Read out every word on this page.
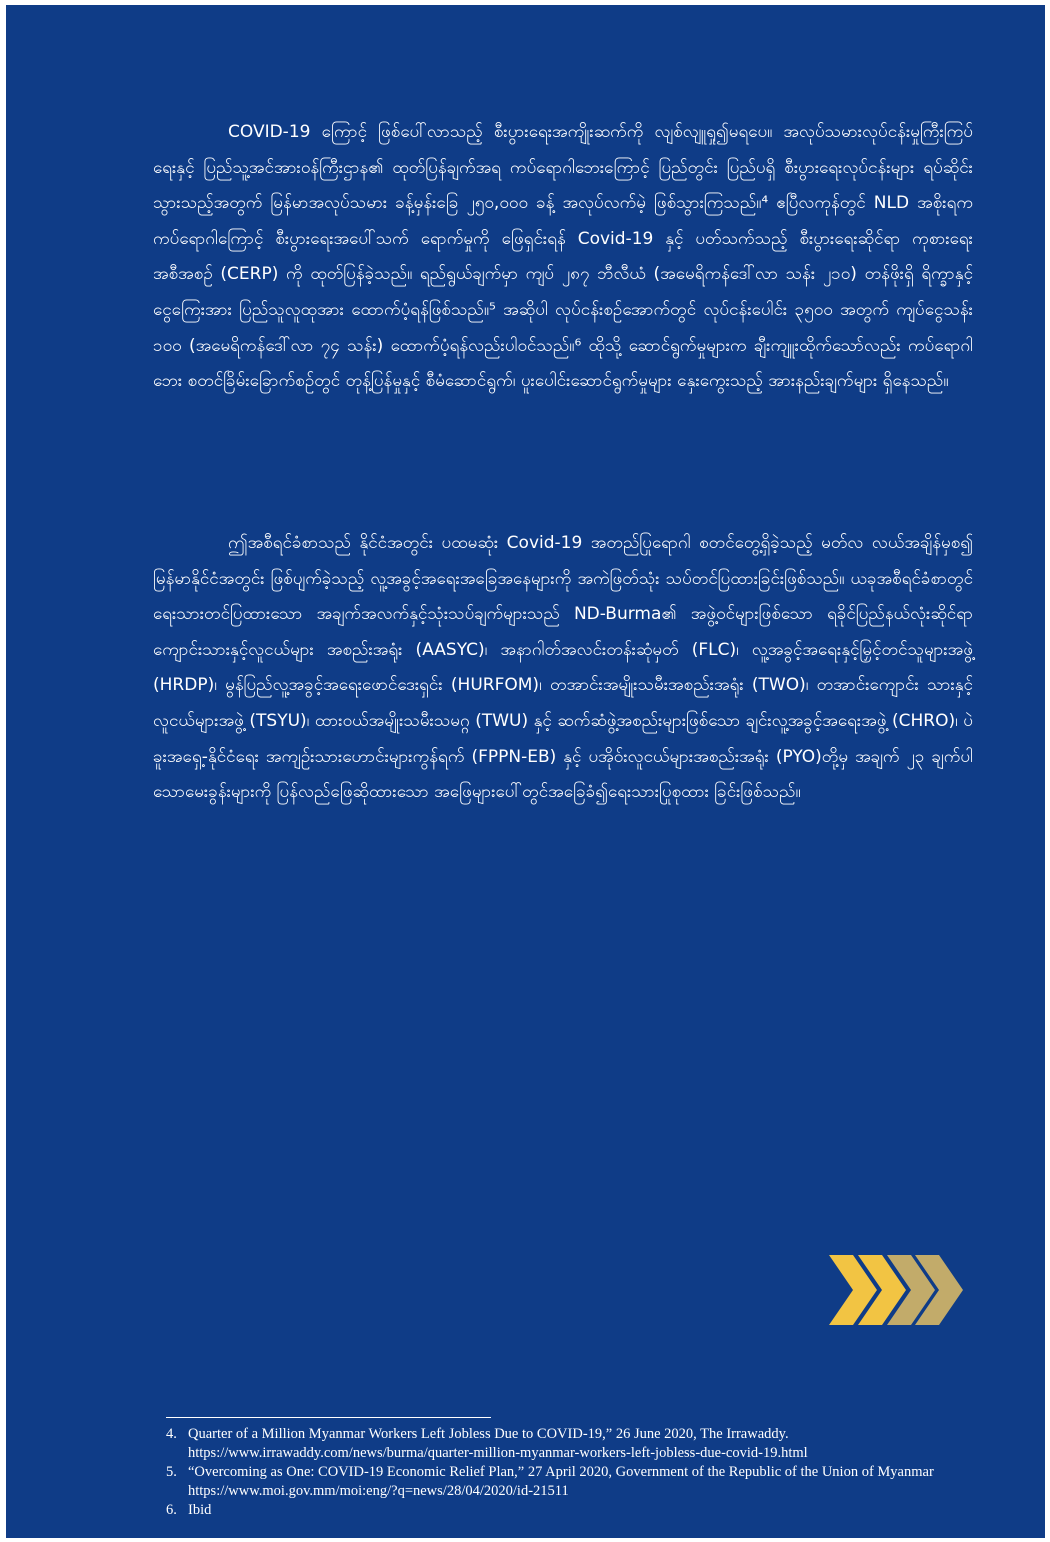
COVID-19 ကြောင့် ဖြစ်ပေါ်လာသည့် စီးပွားရေးအကျိုးဆက်ကို လျစ်လျူရှု၍မရပေ။ အလုပ်သမားလုပ်ငန်းမှုကြီးကြပ် ရေးနှင့် ပြည်သူ့အင်အားဝန်ကြီးဌာန၏ ထုတ်ပြန်ချက်အရ ကပ်ရောဂါဘေးကြောင့် ပြည်တွင်း ပြည်ပရှိ စီးပွားရေးလုပ်ငန်းများ ရပ်ဆိုင်းသွားသည့်အတွက် မြန်မာအလုပ်သမား ခန့်မှန်းခြေ ၂၅၀,၀၀၀ ခန့် အလုပ်လက်မဲ့ ဖြစ်သွားကြသည်။⁴ ဧပြီလကုန်တွင် NLD အစိုးရက ကပ်ရောဂါကြောင့် စီးပွားရေးအပေါ်သက် ရောက်မှုကို ဖြေရှင်းရန် Covid-19 နှင့် ပတ်သက်သည့် စီးပွားရေးဆိုင်ရာ ကုစားရေးအစီအစဉ် (CERP) ကို ထုတ်ပြန်ခဲ့သည်။ ရည်ရွယ်ချက်မှာ ကျပ် ၂၈၇ ဘီလီယံ (အမေရိကန်ဒေါ်လာ သန်း ၂၁၀) တန်ဖိုးရှိ ရိက္ခာနှင့် ငွေကြေးအား ပြည်သူလူထုအား ထောက်ပံ့ရန်ဖြစ်သည်။⁵ အဆိုပါ လုပ်ငန်းစဉ်အောက်တွင် လုပ်ငန်းပေါင်း ၃၅၀၀ အတွက် ကျပ်ငွေသန်း ၁၀၀ (အမေရိကန်ဒေါ်လာ ၇၄ သန်း) ထောက်ပံ့ရန်လည်းပါဝင်သည်။⁶ ထိုသို့ ဆောင်ရွက်မှုများက ချီးကျူးထိုက်သော်လည်း ကပ်ရောဂါဘေး စတင်ခြိမ်းခြောက်စဉ်တွင် တုန့်ပြန်မှုနှင့် စီမံဆောင်ရွက်၊ ပူးပေါင်းဆောင်ရွက်မှုများ နှေးကွေးသည့် အားနည်းချက်များ ရှိနေသည်။

ဤအစီရင်ခံစာသည် နိုင်ငံအတွင်း ပထမဆုံး Covid-19 အတည်ပြုရောဂါ စတင်တွေ့ရှိခဲ့သည့် မတ်လ လယ်အချိန်မှစ၍ မြန်မာနိုင်ငံအတွင်း ဖြစ်ပျက်ခဲ့သည့် လူ့အခွင့်အရေးအခြေအနေများကို အကဲဖြတ်သုံး သပ်တင်ပြထားခြင်းဖြစ်သည်။ ယခုအစီရင်ခံစာတွင် ရေးသားတင်ပြထားသော အချက်အလက်နှင့်သုံးသပ်ချက်များသည် ND-Burma၏ အဖွဲ့ဝင်များဖြစ်သော ရခိုင်ပြည်နယ်လုံးဆိုင်ရာ ကျောင်းသားနှင့်လူငယ်များ အစည်းအရုံး (AASYC)၊ အနာဂါတ်အလင်းတန်းဆုံမှတ် (FLC)၊ လူ့အခွင့်အရေးနှင့်မြှင့်တင်သူများအဖွဲ့ (HRDP)၊ မွန်ပြည်လူ့အခွင့်အရေးဖောင်ဒေးရှင်း (HURFOM)၊ တအာင်းအမျိုးသမီးအစည်းအရုံး (TWO)၊ တအာင်းကျောင်း သားနှင့် လူငယ်များအဖွဲ့ (TSYU)၊ ထားဝယ်အမျိုးသမီးသမဂ္ဂ (TWU) နှင့် ဆက်ဆံဖွဲ့အစည်းများဖြစ်သော ချင်းလူ့အခွင့်အရေးအဖွဲ့ (CHRO)၊ ပဲခူးအရှေ့-နိုင်ငံရေး အကျဉ်းသားဟောင်းများကွန်ရက် (FPPN-EB) နှင့် ပအိုဝ်းလူငယ်များအစည်းအရုံး (PYO)တို့မှ အချက် ၂၃ ချက်ပါသောမေးခွန်းများကို ပြန်လည်ဖြေဆိုထားသော အဖြေများပေါ်တွင်အခြေခံ၍ရေးသားပြုစုထား ခြင်းဖြစ်သည်။

4. Quarter of a Million Myanmar Workers Left Jobless Due to COVID-19,” 26 June 2020, The Irrawaddy. https://www.irrawaddy.com/news/burma/quarter-million-myanmar-workers-left-jobless-due-covid-19.html

5. “Overcoming as One: COVID-19 Economic Relief Plan,” 27 April 2020, Government of the Republic of the Union of Myanmar https://www.moi.gov.mm/moi:eng/?q=news/28/04/2020/id-21511

6. Ibid
